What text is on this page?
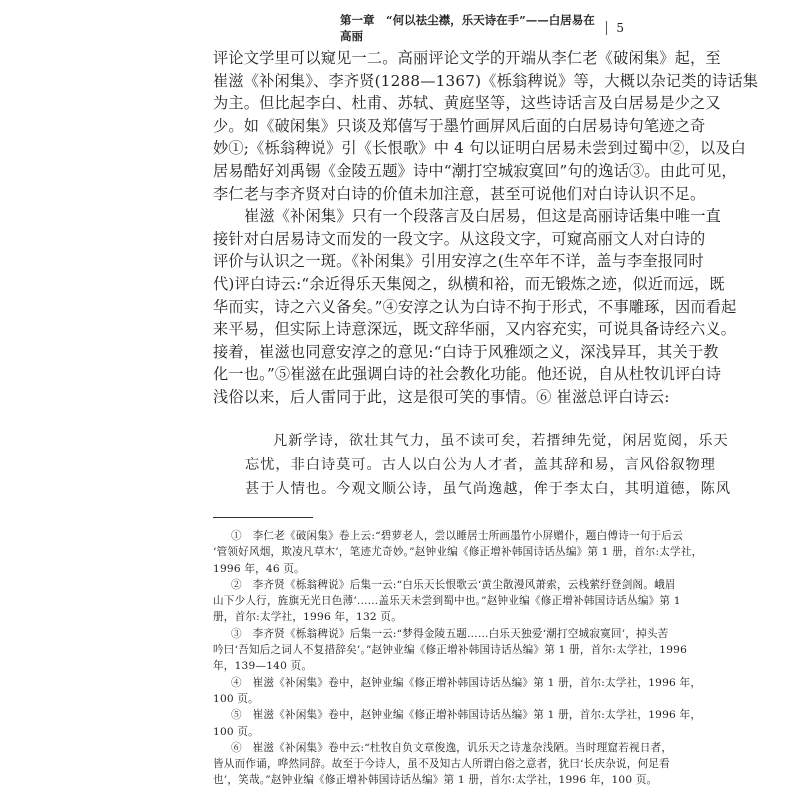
第一章　“何以祛尘襟，乐天诗在手”——白居易在高丽
5
评论文学里可以窥见一二。高丽评论文学的开端从李仁老《破闲集》起，至
崔滋《补闲集》、李齐贤(1288—1367)《栎翁稗说》等，大概以杂记类的诗话集
为主。但比起李白、杜甫、苏轼、黄庭坚等，这些诗话言及白居易是少之又
少。如《破闲集》只谈及郑僖写于墨竹画屏风后面的白居易诗句笔迹之奇
妙①;《栎翁稗说》引《长恨歌》中 4 句以证明白居易未尝到过蜀中②，以及白
居易酷好刘禹锡《金陵五题》诗中“潮打空城寂寞回”句的逸话③。由此可见，
李仁老与李齐贤对白诗的价值未加注意，甚至可说他们对白诗认识不足。
崔滋《补闲集》只有一个段落言及白居易，但这是高丽诗话集中唯一直
接针对白居易诗文而发的一段文字。从这段文字，可窥高丽文人对白诗的
评价与认识之一斑。《补闲集》引用安淳之(生卒年不详，盖与李奎报同时
代)评白诗云:“余近得乐天集阅之，纵横和裕，而无锻炼之迹，似近而远，既
华而实，诗之六义备矣。”④安淳之认为白诗不拘于形式，不事雕琢，因而看起
来平易，但实际上诗意深远，既文辞华丽，又内容充实，可说具备诗经六义。
接着，崔滋也同意安淳之的意见:“白诗于风雅颂之义，深浅异耳，其关于教
化一也。”⑤崔滋在此强调白诗的社会教化功能。他还说，自从杜牧讥评白诗
浅俗以来，后人雷同于此，这是很可笑的事情。⑥ 崔滋总评白诗云:
凡新学诗，欲壮其气力，虽不读可矣，若搢绅先觉，闲居览阅，乐天
忘忧，非白诗莫可。古人以白公为人才者，盖其辞和易，言风俗叙物理
甚于人情也。今观文顺公诗，虽气尚逸越，侔于李太白，其明道德，陈风
①　李仁老《破闲集》卷上云:“碧萝老人，尝以睡居士所画墨竹小屏赠仆，题白傅诗一句于后云
‘管领好风烟，欺凌凡草木’，笔迹尤奇妙。”赵钟业编《修正增补韩国诗话丛编》第 1 册，首尔:太学社，
1996 年，46 页。
②　李齐贤《栎翁稗说》后集一云:“白乐天长恨歌云‘黄尘散漫风萧索，云栈萦纡登剑阁。峨眉
山下少人行，旌旗无光日色薄’……盖乐天未尝到蜀中也。”赵钟业编《修正增补韩国诗话丛编》第 1
册，首尔:太学社，1996 年，132 页。
③　李齐贤《栎翁稗说》后集一云:“梦得金陵五题……白乐天独爱‘潮打空城寂寞回’，掉头苦
吟曰‘吾知后之词人不复措辞矣’。”赵钟业编《修正增补韩国诗话丛编》第 1 册，首尔:太学社，1996
年，139—140 页。
④　崔滋《补闲集》卷中，赵钟业编《修正增补韩国诗话丛编》第 1 册，首尔:太学社，1996 年，
100 页。
⑤　崔滋《补闲集》卷中，赵钟业编《修正增补韩国诗话丛编》第 1 册，首尔:太学社，1996 年，
100 页。
⑥　崔滋《补闲集》卷中云:“杜牧自负文章俊逸，讥乐天之诗尨杂浅陋。当时理窟若视日者，
皆从而作诵，哗然同辞。故至于今诗人，虽不及知古人所谓白俗之意者，犹曰‘长庆杂说，何足看
也’，笑哉。”赵钟业编《修正增补韩国诗话丛编》第 1 册，首尔:太学社，1996 年，100 页。
